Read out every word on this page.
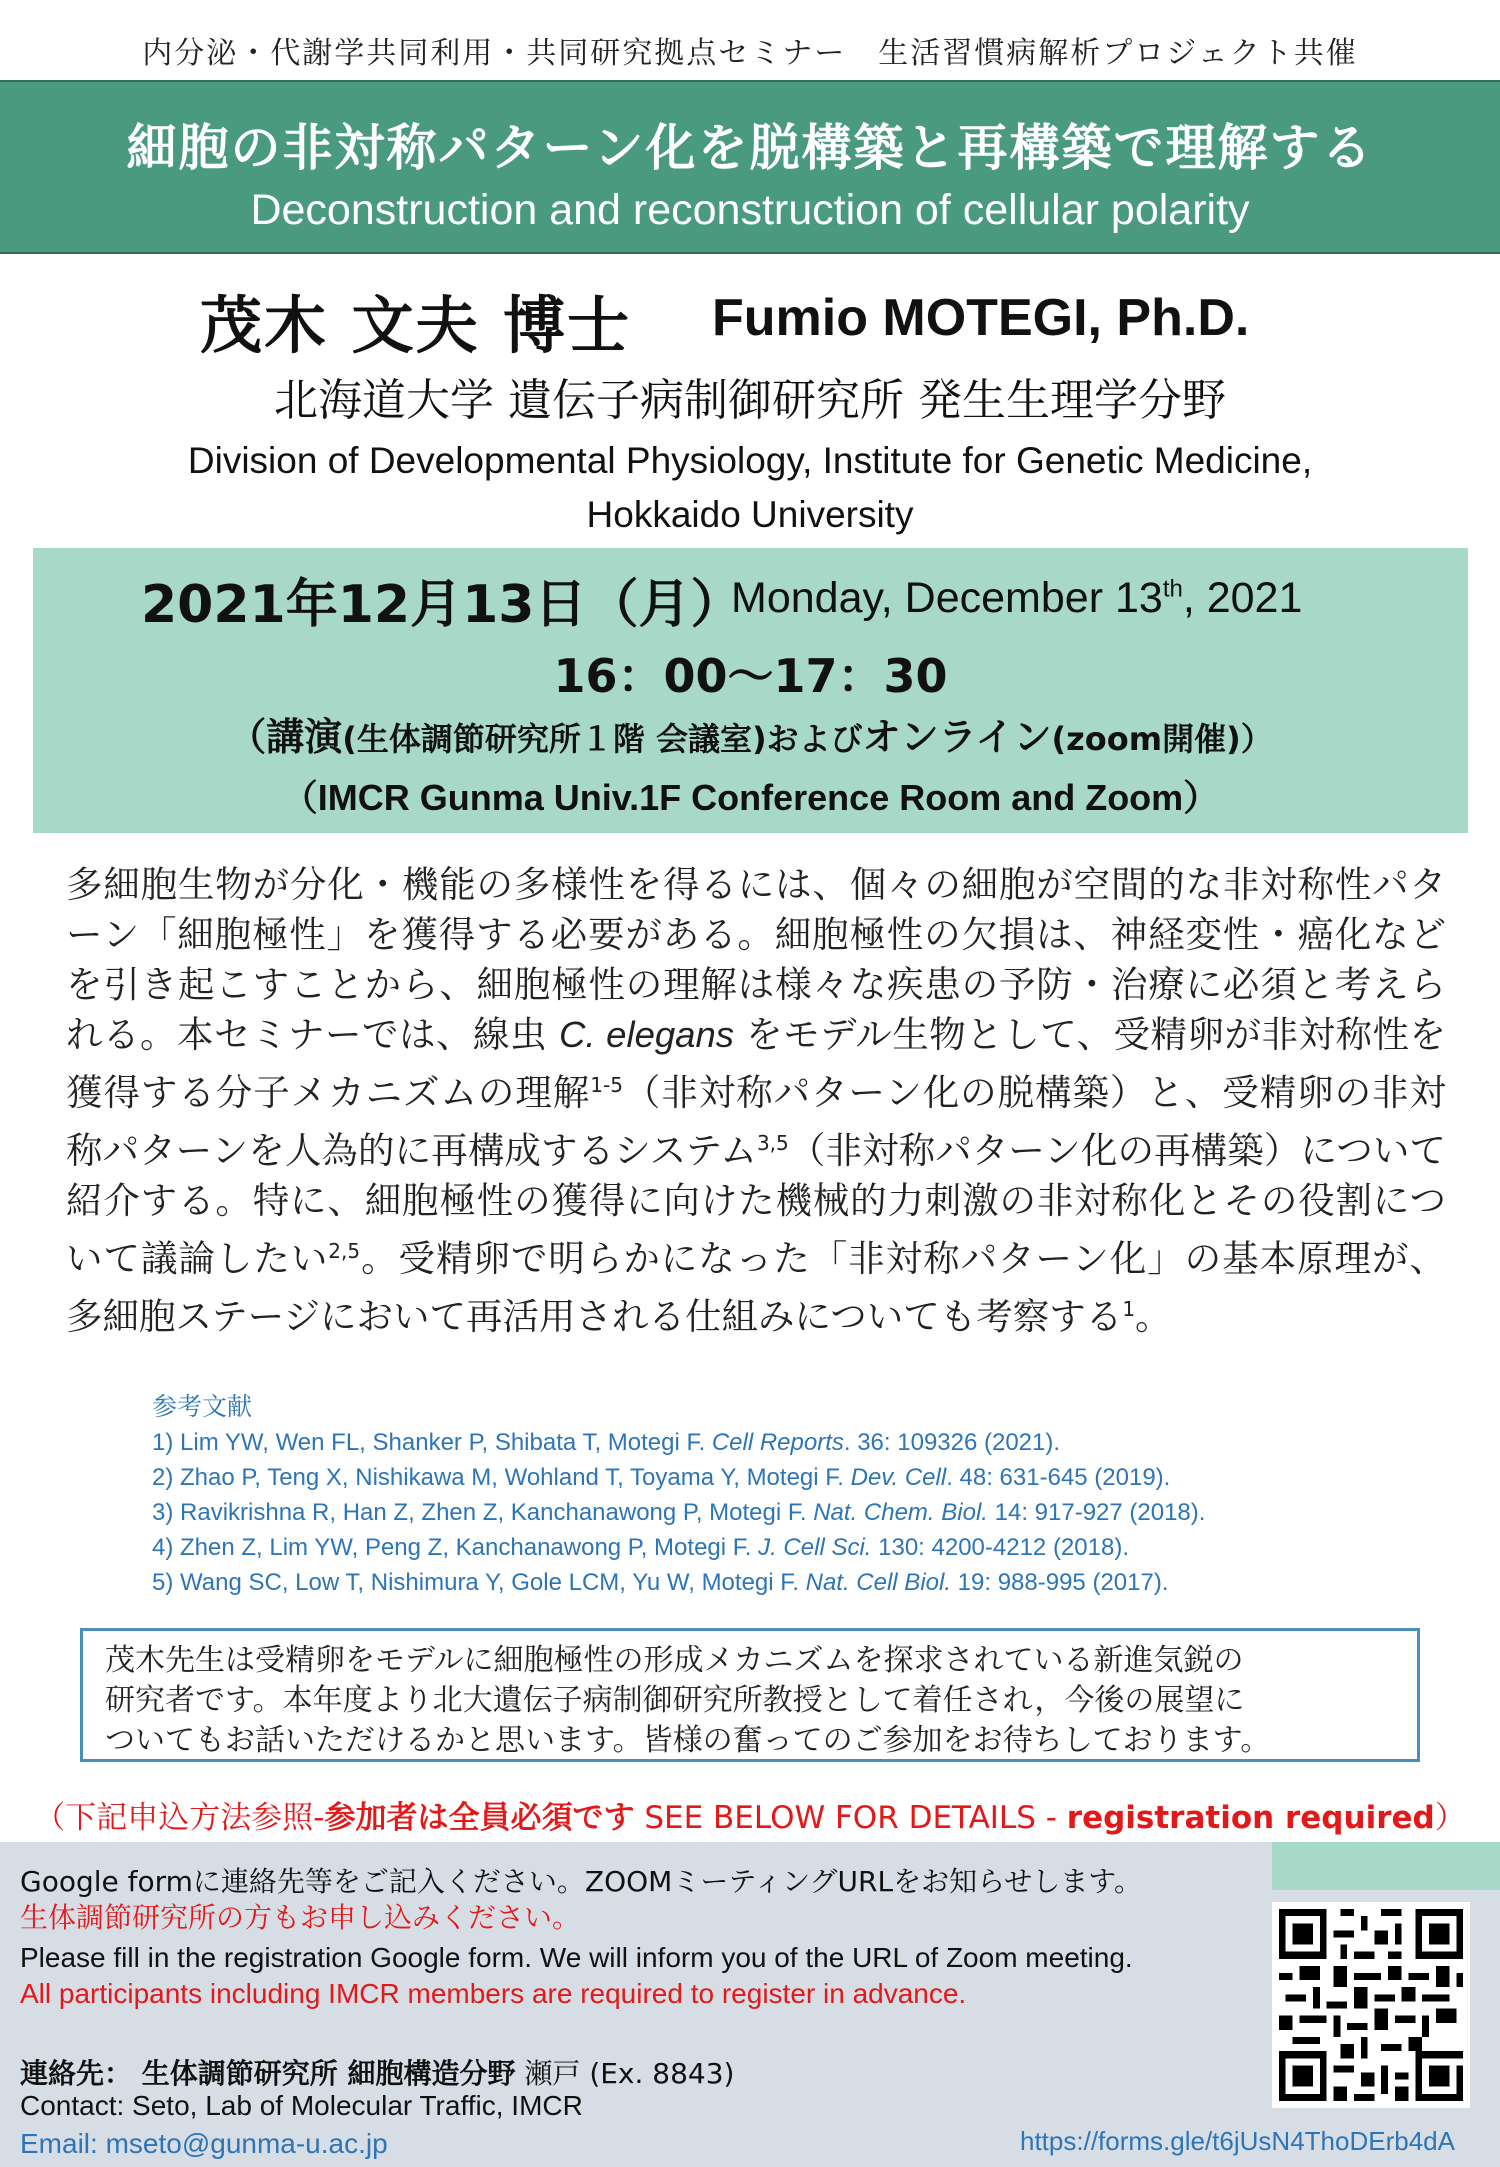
内分泌・代謝学共同利用・共同研究拠点セミナー　生活習慣病解析プロジェクト共催
細胞の非対称パターン化を脱構築と再構築で理解する
Deconstruction and reconstruction of cellular polarity
茂木 文夫 博士 Fumio MOTEGI, Ph.D.
北海道大学 遺伝子病制御研究所 発生生理学分野
Division of Developmental Physiology, Institute for Genetic Medicine,
Hokkaido University
2021年12月13日（月）
Monday, December 13th, 2021
16：00～17：30
（講演(生体調節研究所１階 会議室)およびオンライン(zoom開催)）
（IMCR Gunma Univ.1F Conference Room and Zoom）
多細胞生物が分化・機能の多様性を得るには、個々の細胞が空間的な非対称性パターン「細胞極性」を獲得する必要がある。細胞極性の欠損は、神経変性・癌化などを引き起こすことから、細胞極性の理解は様々な疾患の予防・治療に必須と考えられる。本セミナーでは、線虫 C. elegans をモデル生物として、受精卵が非対称性を獲得する分子メカニズムの理解$^{1-5}$（非対称パターン化の脱構築）と、受精卵の非対称パターンを人為的に再構成するシステム$^{3,5}$（非対称パターン化の再構築）について紹介する。特に、細胞極性の獲得に向けた機械的力刺激の非対称化とその役割について議論したい$^{2,5}$。受精卵で明らかになった「非対称パターン化」の基本原理が、多細胞ステージにおいて再活用される仕組みについても考察する$^1$。
参考文献
1) Lim YW, Wen FL, Shanker P, Shibata T, Motegi F. Cell Reports. 36: 109326 (2021).
2) Zhao P, Teng X, Nishikawa M, Wohland T, Toyama Y, Motegi F. Dev. Cell. 48: 631-645 (2019).
3) Ravikrishna R, Han Z, Zhen Z, Kanchanawong P, Motegi F. Nat. Chem. Biol. 14: 917-927 (2018).
4) Zhen Z, Lim YW, Peng Z, Kanchanawong P, Motegi F. J. Cell Sci. 130: 4200-4212 (2018).
5) Wang SC, Low T, Nishimura Y, Gole LCM, Yu W, Motegi F. Nat. Cell Biol. 19: 988-995 (2017).
茂木先生は受精卵をモデルに細胞極性の形成メカニズムを探求されている新進気鋭の
研究者です。本年度より北大遺伝子病制御研究所教授として着任され，今後の展望に
ついてもお話いただけるかと思います。皆様の奮ってのご参加をお待ちしております。
（下記申込方法参照-参加者は全員必須です SEE BELOW FOR DETAILS - registration required）
Google formに連絡先等をご記入ください。ZOOMミーティングURLをお知らせします。
生体調節研究所の方もお申し込みください。
Please fill in the registration Google form. We will inform you of the URL of Zoom meeting.
All participants including IMCR members are required to register in advance.
連絡先： 生体調節研究所 細胞構造分野 瀬戸 (Ex. 8843)
Contact: Seto, Lab of Molecular Traffic, IMCR
Email: mseto@gunma-u.ac.jp	https://forms.gle/t6jUsN4ThoDErb4dA
